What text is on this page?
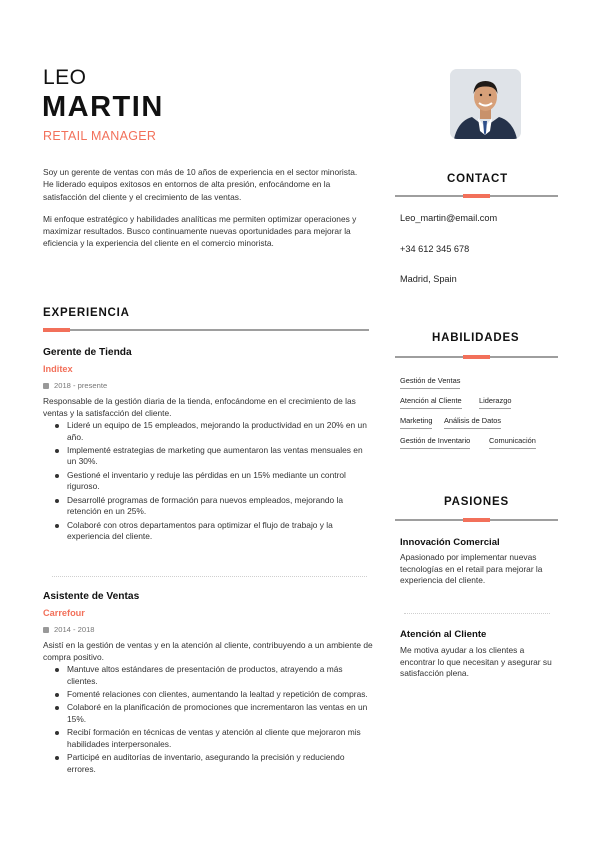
LEO
MARTIN
RETAIL MANAGER

Soy un gerente de ventas con más de 10 años de experiencia en el sector minorista. He liderado equipos exitosos en entornos de alta presión, enfocándome en la satisfacción del cliente y el crecimiento de las ventas.

Mi enfoque estratégico y habilidades analíticas me permiten optimizar operaciones y maximizar resultados. Busco continuamente nuevas oportunidades para mejorar la eficiencia y la experiencia del cliente en el comercio minorista.

EXPERIENCIA
Gerente de Tienda
Inditex
2018 - presente
Responsable de la gestión diaria de la tienda, enfocándome en el crecimiento de las ventas y la satisfacción del cliente.
Lideré un equipo de 15 empleados, mejorando la productividad en un 20% en un año.
Implementé estrategias de marketing que aumentaron las ventas mensuales en un 30%.
Gestioné el inventario y reduje las pérdidas en un 15% mediante un control riguroso.
Desarrollé programas de formación para nuevos empleados, mejorando la retención en un 25%.
Colaboré con otros departamentos para optimizar el flujo de trabajo y la experiencia del cliente.
Asistente de Ventas
Carrefour
2014 - 2018
Asistí en la gestión de ventas y en la atención al cliente, contribuyendo a un ambiente de compra positivo.
Mantuve altos estándares de presentación de productos, atrayendo a más clientes.
Fomenté relaciones con clientes, aumentando la lealtad y repetición de compras.
Colaboré en la planificación de promociones que incrementaron las ventas en un 15%.
Recibí formación en técnicas de ventas y atención al cliente que mejoraron mis habilidades interpersonales.
Participé en auditorías de inventario, asegurando la precisión y reduciendo errores.
CONTACT
Leo_martin@email.com
+34 612 345 678
Madrid, Spain
HABILIDADES
Gestión de Ventas
Atención al Cliente Liderazgo
Marketing Análisis de Datos
Gestión de Inventario	Comunicación
PASIONES
Innovación Comercial
Apasionado por implementar nuevas tecnologías en el retail para mejorar la experiencia del cliente.
Atención al Cliente
Me motiva ayudar a los clientes a encontrar lo que necesitan y asegurar su satisfacción plena.
